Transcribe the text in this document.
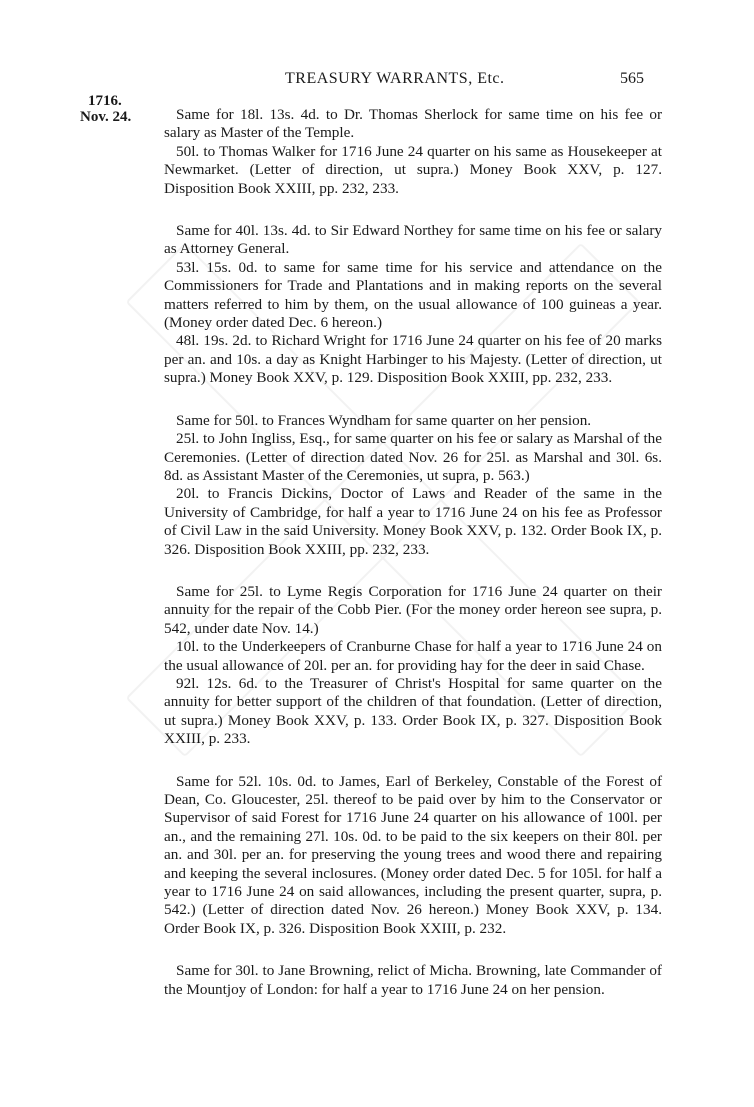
TREASURY WARRANTS, Etc.	565
1716.
Nov. 24.	Same for 18l. 13s. 4d. to Dr. Thomas Sherlock for same time on his fee or salary as Master of the Temple.

50l. to Thomas Walker for 1716 June 24 quarter on his same as Housekeeper at Newmarket. (Letter of direction, ut supra.) Money Book XXV, p. 127. Disposition Book XXIII, pp. 232, 233.

Same for 40l. 13s. 4d. to Sir Edward Northey for same time on his fee or salary as Attorney General.

53l. 15s. 0d. to same for same time for his service and attendance on the Commissioners for Trade and Plantations and in making reports on the several matters referred to him by them, on the usual allowance of 100 guineas a year. (Money order dated Dec. 6 hereon.)

48l. 19s. 2d. to Richard Wright for 1716 June 24 quarter on his fee of 20 marks per an. and 10s. a day as Knight Harbinger to his Majesty. (Letter of direction, ut supra.) Money Book XXV, p. 129. Disposition Book XXIII, pp. 232, 233.

Same for 50l. to Frances Wyndham for same quarter on her pension.

25l. to John Ingliss, Esq., for same quarter on his fee or salary as Marshal of the Ceremonies. (Letter of direction dated Nov. 26 for 25l. as Marshal and 30l. 6s. 8d. as Assistant Master of the Ceremonies, ut supra, p. 563.)

20l. to Francis Dickins, Doctor of Laws and Reader of the same in the University of Cambridge, for half a year to 1716 June 24 on his fee as Professor of Civil Law in the said University. Money Book XXV, p. 132. Order Book IX, p. 326. Disposition Book XXIII, pp. 232, 233.

Same for 25l. to Lyme Regis Corporation for 1716 June 24 quarter on their annuity for the repair of the Cobb Pier. (For the money order hereon see supra, p. 542, under date Nov. 14.)

10l. to the Underkeepers of Cranburne Chase for half a year to 1716 June 24 on the usual allowance of 20l. per an. for providing hay for the deer in said Chase.

92l. 12s. 6d. to the Treasurer of Christ's Hospital for same quarter on the annuity for better support of the children of that foundation. (Letter of direction, ut supra.) Money Book XXV, p. 133. Order Book IX, p. 327. Disposition Book XXIII, p. 233.

Same for 52l. 10s. 0d. to James, Earl of Berkeley, Constable of the Forest of Dean, Co. Gloucester, 25l. thereof to be paid over by him to the Conservator or Supervisor of said Forest for 1716 June 24 quarter on his allowance of 100l. per an., and the remaining 27l. 10s. 0d. to be paid to the six keepers on their 80l. per an. and 30l. per an. for preserving the young trees and wood there and repairing and keeping the several inclosures. (Money order dated Dec. 5 for 105l. for half a year to 1716 June 24 on said allowances, including the present quarter, supra, p. 542.) (Letter of direction dated Nov. 26 hereon.) Money Book XXV, p. 134. Order Book IX, p. 326. Disposition Book XXIII, p. 232.

Same for 30l. to Jane Browning, relict of Micha. Browning, late Commander of the Mountjoy of London: for half a year to 1716 June 24 on her pension.
